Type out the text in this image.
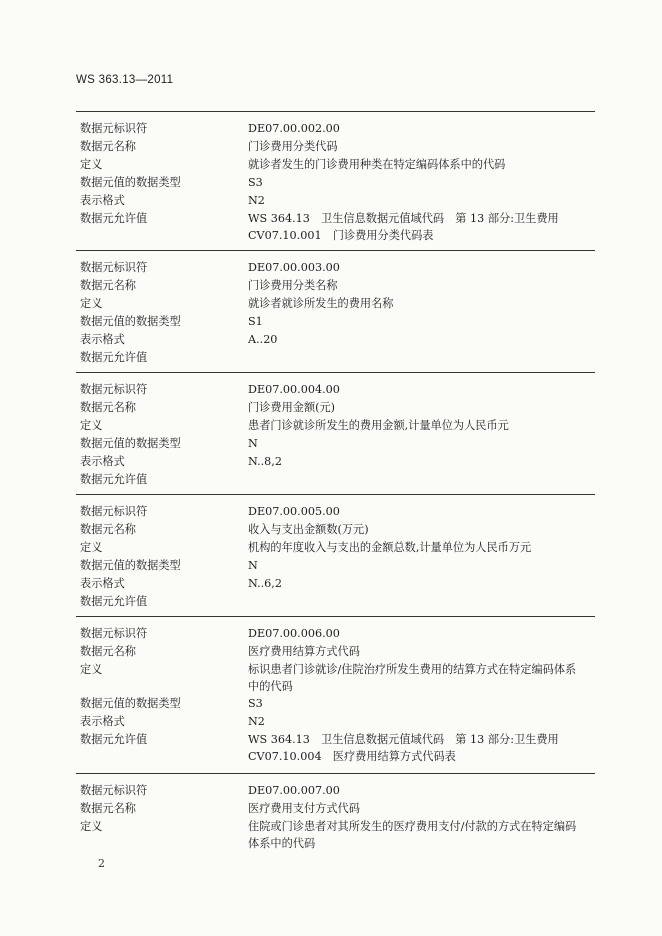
WS 363.13—2011
数据元标识符	DE07.00.002.00
数据元名称	门诊费用分类代码
定义	就诊者发生的门诊费用种类在特定编码体系中的代码
数据元值的数据类型	S3
表示格式	N2
数据元允许值	WS 364.13　卫生信息数据元值域代码　第 13 部分:卫生费用
CV07.10.001　门诊费用分类代码表
数据元标识符	DE07.00.003.00
数据元名称	门诊费用分类名称
定义	就诊者就诊所发生的费用名称
数据元值的数据类型	S1
表示格式	A..20
数据元允许值
数据元标识符	DE07.00.004.00
数据元名称	门诊费用金额(元)
定义	患者门诊就诊所发生的费用金额,计量单位为人民币元
数据元值的数据类型	N
表示格式	N..8,2
数据元允许值
数据元标识符	DE07.00.005.00
数据元名称	收入与支出金额数(万元)
定义	机构的年度收入与支出的金额总数,计量单位为人民币万元
数据元值的数据类型	N
表示格式	N..6,2
数据元允许值
数据元标识符	DE07.00.006.00
数据元名称	医疗费用结算方式代码
定义	标识患者门诊就诊/住院治疗所发生费用的结算方式在特定编码体系
中的代码
数据元值的数据类型	S3
表示格式	N2
数据元允许值	WS 364.13　卫生信息数据元值域代码　第 13 部分:卫生费用
CV07.10.004　医疗费用结算方式代码表
数据元标识符	DE07.00.007.00
数据元名称	医疗费用支付方式代码
定义	住院或门诊患者对其所发生的医疗费用支付/付款的方式在特定编码
体系中的代码
2
